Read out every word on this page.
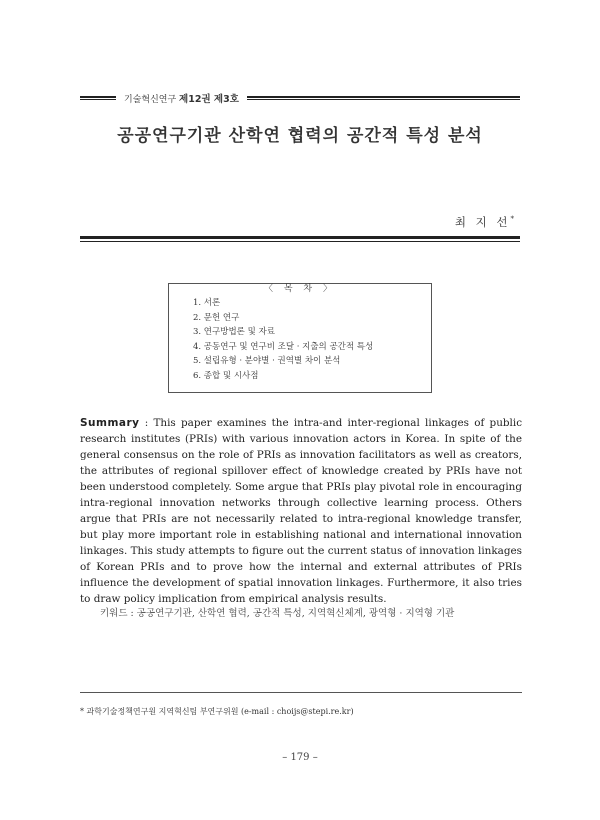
기술혁신연구 제12권 제3호
공공연구기관 산학연 협력의 공간적 특성 분석
최 지 선*
〈 목 차 〉
1. 서론
2. 문헌 연구
3. 연구방법론 및 자료
4. 공동연구 및 연구비 조달 · 지출의 공간적 특성
5. 설립유형 · 분야별 · 권역별 차이 분석
6. 종합 및 시사점

Summary : This paper examines the intra-and inter-regional linkages of public research institutes (PRIs) with various innovation actors in Korea. In spite of the general consensus on the role of PRIs as innovation facilitators as well as creators, the attributes of regional spillover effect of knowledge created by PRIs have not been understood completely. Some argue that PRIs play pivotal role in encouraging intra-regional innovation networks through collective learning process. Others argue that PRIs are not necessarily related to intra-regional knowledge transfer, but play more important role in establishing national and international innovation linkages. This study attempts to figure out the current status of innovation linkages of Korean PRIs and to prove how the internal and external attributes of PRIs influence the development of spatial innovation linkages. Furthermore, it also tries to draw policy implication from empirical analysis results.

키워드 : 공공연구기관, 산학연 협력, 공간적 특성, 지역혁신체계, 광역형 · 지역형 기관
* 과학기술정책연구원 지역혁신팀 부연구위원 (e-mail : choijs@stepi.re.kr)
– 179 –
